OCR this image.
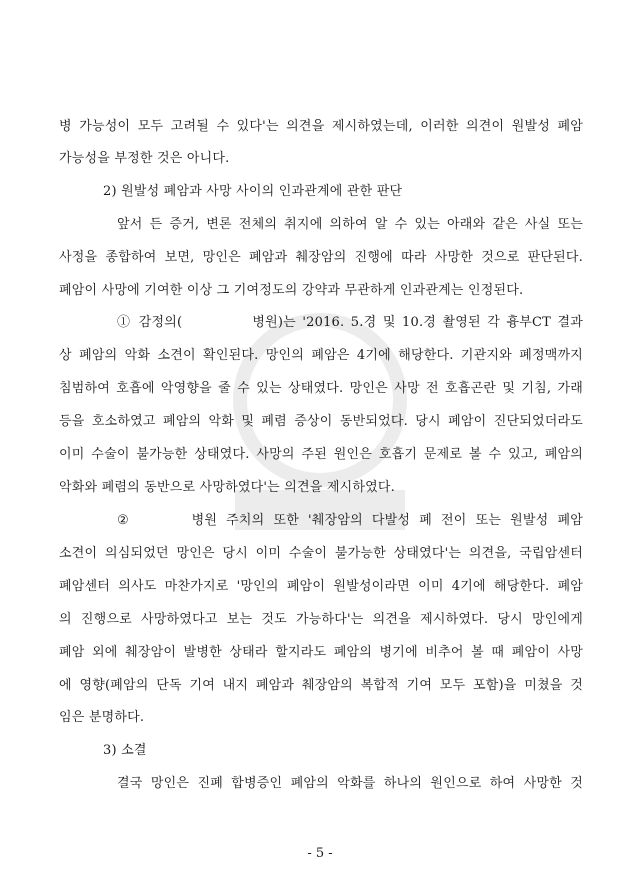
병 가능성이 모두 고려될 수 있다'는 의견을 제시하였는데, 이러한 의견이 원발성 폐암
가능성을 부정한 것은 아니다.
2) 원발성 폐암과 사망 사이의 인과관계에 관한 판단
앞서 든 증거, 변론 전체의 취지에 의하여 알 수 있는 아래와 같은 사실 또는
사정을 종합하여 보면, 망인은 폐암과 췌장암의 진행에 따라 사망한 것으로 판단된다.
폐암이 사망에 기여한 이상 그 기여정도의 강약과 무관하게 인과관계는 인정된다.
① 감정의(	병원)는 '2016. 5.경 및 10.경 촬영된 각 흉부CT 결과
상 폐암의 악화 소견이 확인된다. 망인의 폐암은 4기에 해당한다. 기관지와 폐정맥까지
침범하여 호흡에 악영향을 줄 수 있는 상태였다. 망인은 사망 전 호흡곤란 및 기침, 가래
등을 호소하였고 폐암의 악화 및 폐렴 증상이 동반되었다. 당시 폐암이 진단되었더라도
이미 수술이 불가능한 상태였다. 사망의 주된 원인은 호흡기 문제로 볼 수 있고, 폐암의
악화와 폐렴의 동반으로 사망하였다'는 의견을 제시하였다.
②	병원 주치의 또한 '췌장암의 다발성 폐 전이 또는 원발성 폐암
소견이 의심되었던 망인은 당시 이미 수술이 불가능한 상태였다'는 의견을, 국립암센터
폐암센터 의사도 마찬가지로 '망인의 폐암이 원발성이라면 이미 4기에 해당한다. 폐암
의 진행으로 사망하였다고 보는 것도 가능하다'는 의견을 제시하였다. 당시 망인에게
폐암 외에 췌장암이 발병한 상태라 할지라도 폐암의 병기에 비추어 볼 때 폐암이 사망
에 영향(폐암의 단독 기여 내지 폐암과 췌장암의 복합적 기여 모두 포함)을 미쳤을 것
임은 분명하다.
3) 소결
결국 망인은 진폐 합병증인 폐암의 악화를 하나의 원인으로 하여 사망한 것
- 5 -
